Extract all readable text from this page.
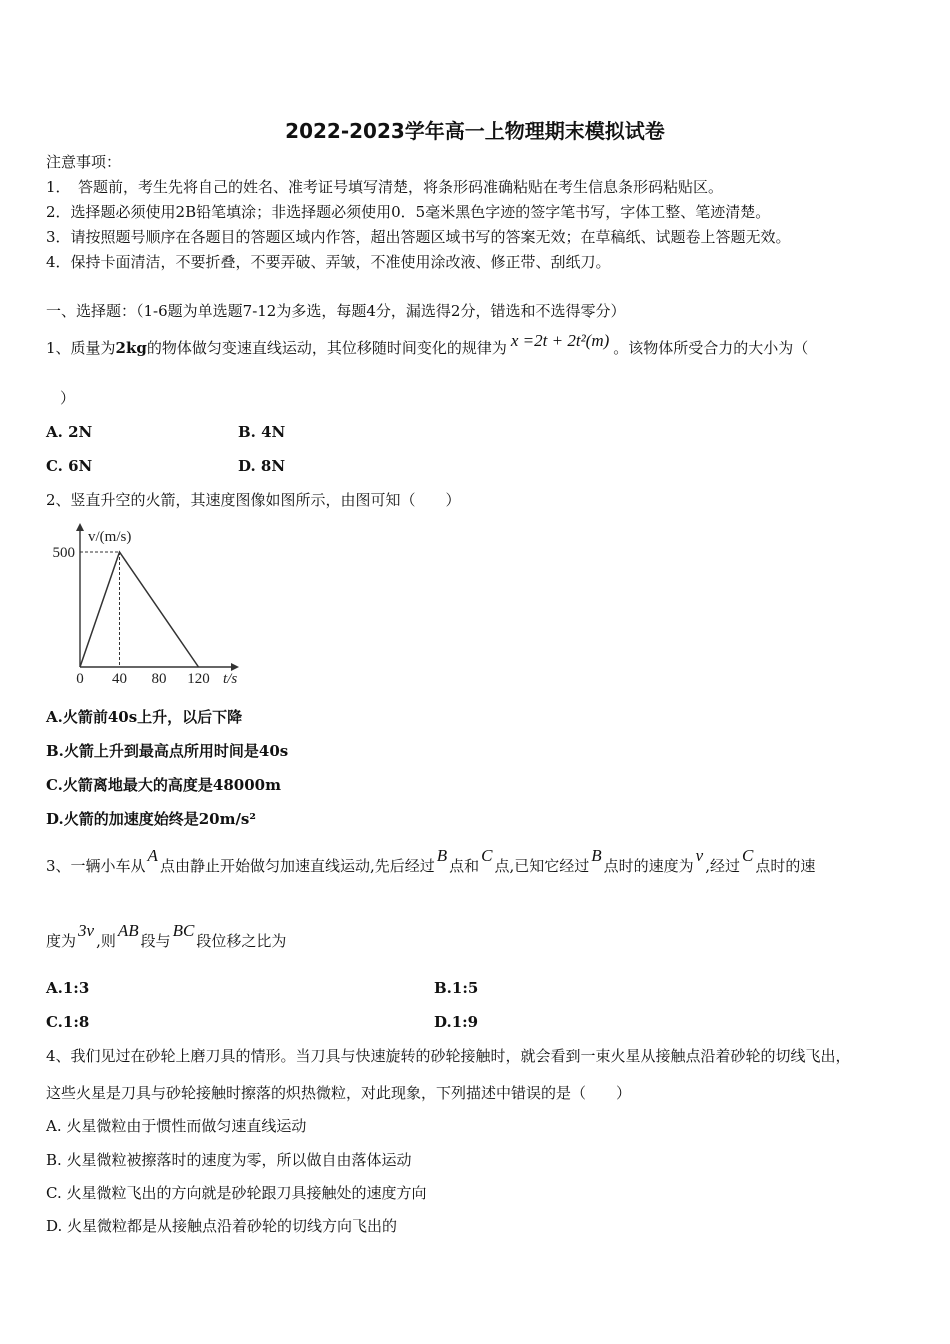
2022-2023学年高一上物理期末模拟试卷
注意事项：
1．　答题前，考生先将自己的姓名、准考证号填写清楚，将条形码准确粘贴在考生信息条形码粘贴区。
2．选择题必须使用2B铅笔填涂；非选择题必须使用0．5毫米黑色字迹的签字笔书写，字体工整、笔迹清楚。
3．请按照题号顺序在各题目的答题区域内作答，超出答题区域书写的答案无效；在草稿纸、试题卷上答题无效。
4．保持卡面清洁，不要折叠，不要弄破、弄皱，不准使用涂改液、修正带、刮纸刀。
一、选择题：（1-6题为单选题7-12为多选，每题4分，漏选得2分，错选和不选得零分）
1、质量为2kg的物体做匀变速直线运动，其位移随时间变化的规律为 x =2t + 2t²(m) 。该物体所受合力的大小为（
）
A. 2N	B. 4N
C. 6N	D. 8N
2、竖直升空的火箭，其速度图像如图所示，由图可知（　　）
v/(m/s)
t/s
0 40 80 120
500
A.火箭前40s上升，以后下降
B.火箭上升到最高点所用时间是40s
C.火箭离地最大的高度是48000m
D.火箭的加速度始终是20m/s²
3、一辆小车从A点由静止开始做匀加速直线运动,先后经过B点和C点,已知它经过B点时的速度为v,经过C点时的速
度为3v,则AB段与BC段位移之比为
A.1:3	B.1:5
C.1:8	D.1:9
4、我们见过在砂轮上磨刀具的情形。当刀具与快速旋转的砂轮接触时，就会看到一束火星从接触点沿着砂轮的切线飞出，
这些火星是刀具与砂轮接触时擦落的炽热微粒，对此现象，下列描述中错误的是（　　）
A. 火星微粒由于惯性而做匀速直线运动
B. 火星微粒被擦落时的速度为零，所以做自由落体运动
C. 火星微粒飞出的方向就是砂轮跟刀具接触处的速度方向
D. 火星微粒都是从接触点沿着砂轮的切线方向飞出的
